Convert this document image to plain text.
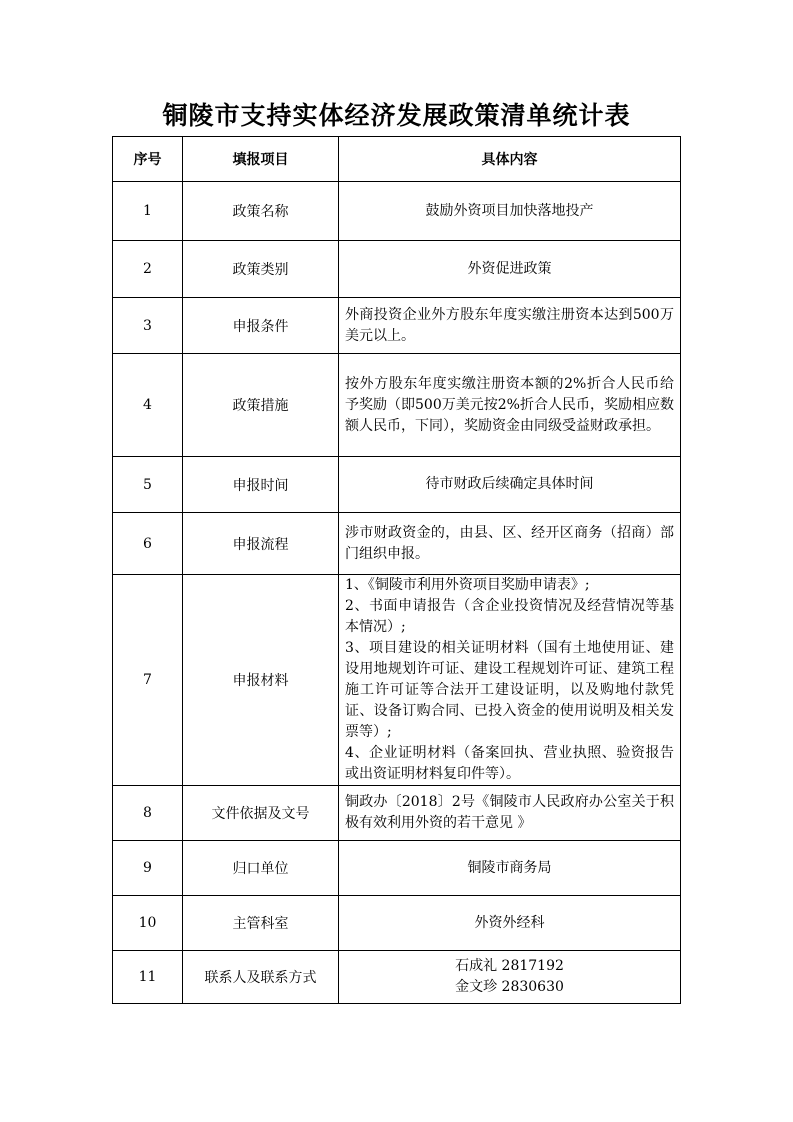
铜陵市支持实体经济发展政策清单统计表
序号	填报项目	具体内容
1	政策名称	鼓励外资项目加快落地投产
2	政策类别	外资促进政策
3	申报条件	外商投资企业外方股东年度实缴注册资本达到500万美元以上。
4	政策措施	按外方股东年度实缴注册资本额的2%折合人民币给予奖励（即500万美元按2%折合人民币，奖励相应数额人民币，下同），奖励资金由同级受益财政承担。
5	申报时间	待市财政后续确定具体时间
6	申报流程	涉市财政资金的，由县、区、经开区商务（招商）部门组织申报。
7	申报材料	1、《铜陵市利用外资项目奖励申请表》;
2、书面申请报告（含企业投资情况及经营情况等基本情况）;
3、项目建设的相关证明材料（国有土地使用证、建设用地规划许可证、建设工程规划许可证、建筑工程施工许可证等合法开工建设证明，以及购地付款凭证、设备订购合同、已投入资金的使用说明及相关发票等）;
4、企业证明材料（备案回执、营业执照、验资报告或出资证明材料复印件等）。

8	文件依据及文号	铜政办〔2018〕2号《铜陵市人民政府办公室关于积极有效利用外资的若干意见 》
9	归口单位	铜陵市商务局
10	主管科室	外资外经科
11	联系人及联系方式	石成礼 2817192
金文珍 2830630
